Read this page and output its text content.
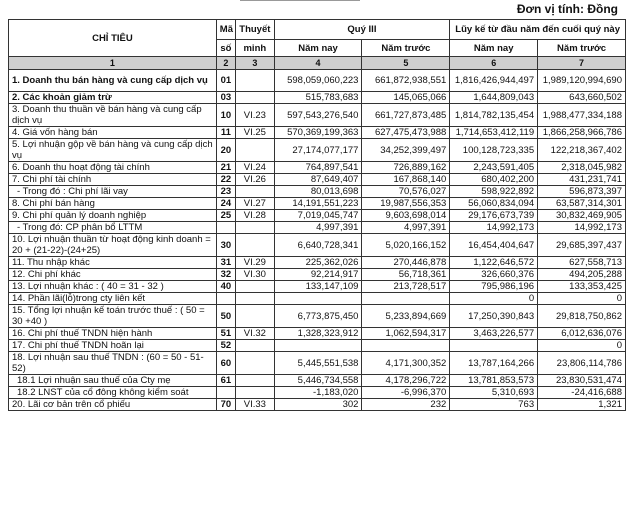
Đơn vị tính: Đồng
CHỈ TIÊU	Mã	Thuyết	Quý III		Lũy kế từ đầu năm đến cuối quý này	
	số	minh	Năm nay	Năm trước	Năm nay	Năm trước
1	2	3	4	5	6	7
1. Doanh thu bán hàng và cung cấp dịch vụ	01		598,059,060,223	661,872,938,551	1,816,426,944,497	1,989,120,994,690
2. Các khoản giảm trừ	03		515,783,683	145,065,066	1,644,809,043	643,660,502
3. Doanh thu thuần về bán hàng và cung cấp dịch vụ	10	VI.23	597,543,276,540	661,727,873,485	1,814,782,135,454	1,988,477,334,188
4. Giá vốn hàng bán	11	VI.25	570,369,199,363	627,475,473,988	1,714,653,412,119	1,866,258,966,786
5. Lợi nhuận gộp về bán hàng và cung cấp dịch vụ	20		27,174,077,177	34,252,399,497	100,128,723,335	122,218,367,402
6. Doanh thu hoạt động tài chính	21	VI.24	764,897,541	726,889,162	2,243,591,405	2,318,045,982
7. Chi phí tài chính	22	VI.26	87,649,407	167,868,140	680,402,200	431,231,741
- Trong đó : Chi phí lãi vay	23		80,013,698	70,576,027	598,922,892	596,873,397
8. Chi phí bán hàng	24	VI.27	14,191,551,223	19,987,556,353	56,060,834,094	63,587,314,301
9. Chi phí quản lý doanh nghiệp	25	VI.28	7,019,045,747	9,603,698,014	29,176,673,739	30,832,469,905
- Trong đó: CP phân bổ LTTM			4,997,391	4,997,391	14,992,173	14,992,173
10. Lợi nhuận thuần từ hoạt động kinh doanh = 20 + (21-22)-(24+25)	30		6,640,728,341	5,020,166,152	16,454,404,647	29,685,397,437
11. Thu nhập khác	31	VI.29	225,362,026	270,446,878	1,122,646,572	627,558,713
12. Chi phí khác	32	VI.30	92,214,917	56,718,361	326,660,376	494,205,288
13. Lợi nhuận khác : ( 40 = 31 - 32 )	40		133,147,109	213,728,517	795,986,196	133,353,425
14. Phần lãi(lỗ)trong cty liên kết					0	0
15. Tổng lợi nhuận kế toán trước thuế : ( 50 = 30 +40 )	50		6,773,875,450	5,233,894,669	17,250,390,843	29,818,750,862
16. Chi phí thuế TNDN hiện hành	51	VI.32	1,328,323,912	1,062,594,317	3,463,226,577	6,012,636,076
17. Chi phí thuế TNDN hoãn lại	52					0
18. Lợi nhuận sau thuế TNDN : (60 = 50 - 51-52)	60		5,445,551,538	4,171,300,352	13,787,164,266	23,806,114,786
18.1 Lợi nhuận sau thuế của Cty mẹ	61		5,446,734,558	4,178,296,722	13,781,853,573	23,830,531,474
18.2 LNST của cổ đông không kiểm soát			-1,183,020	-6,996,370	5,310,693	-24,416,688
20. Lãi cơ bản trên cổ phiếu	70	VI.33	302	232	763	1,321
